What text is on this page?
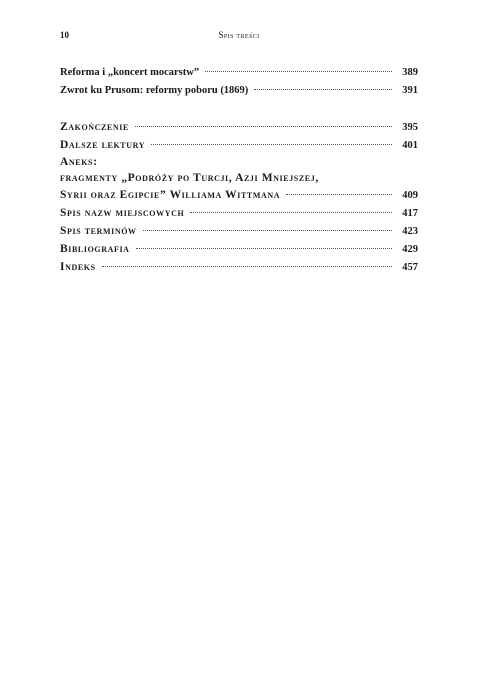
10	Spis treści
Reforma i „koncert mocarstw”	389
Zwrot ku Prusom: reformy poboru (1869)	391
Zakończenie	395
Dalsze lektury	401
Aneks:
fragmenty „Podróży po Turcji, Azji Mniejszej,
Syrii oraz Egipcie” Williama Wittmana	409
Spis nazw miejscowych	417
Spis terminów	423
Bibliografia	429
Indeks	457
